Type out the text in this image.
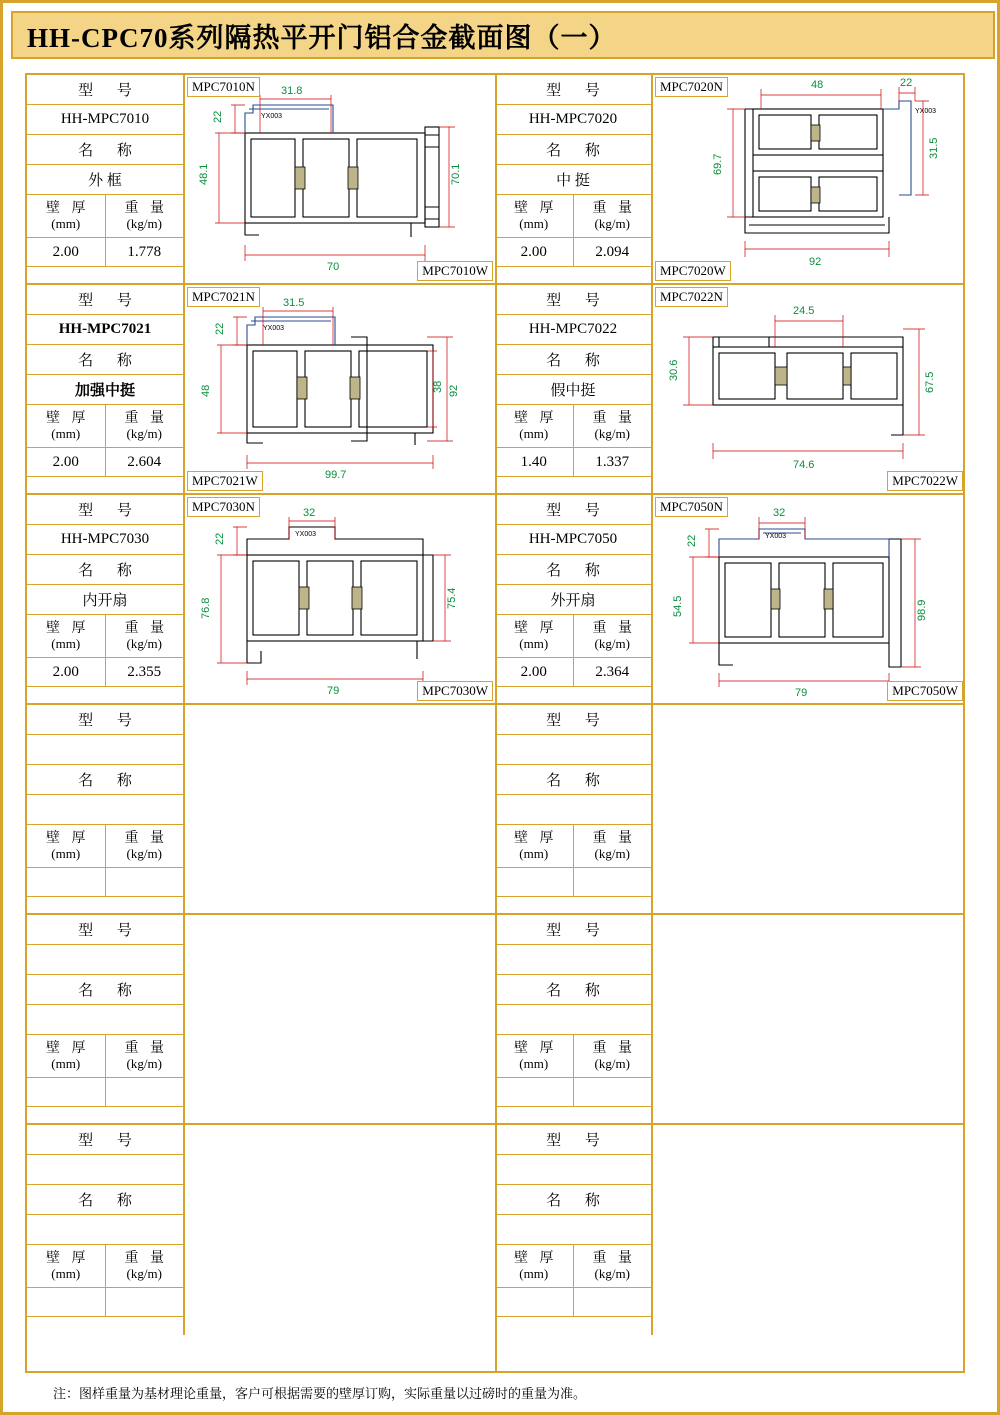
HH-CPC70系列隔热平开门铝合金截面图（一）
型 号
HH-MPC7010
名 称
外 框
壁 厚
(mm)
重 量
(kg/m)
2.00	1.778
MPC7010N
MPC7010W
31.8
22
48.1	70.1
70
YX003
型 号
HH-MPC7021
名 称
加强中挺
壁 厚
(mm)
重 量
(kg/m)
2.00	2.604
MPC7021N
MPC7021W
31.5
22
48	92
38
99.7
YX003
型 号
HH-MPC7030
名 称
内开扇
壁 厚
(mm)
重 量
(kg/m)
2.00	2.355
MPC7030N
MPC7030W
32
22
76.8	75.4
79
YX003
型 号
名 称
壁 厚
(mm)
重 量
(kg/m)
型 号
名 称
壁 厚
(mm)
重 量
(kg/m)
型 号
名 称
壁 厚
(mm)
重 量
(kg/m)
型 号
HH-MPC7020
名 称
中 挺
壁 厚
(mm)
重 量
(kg/m)
2.00	2.094
MPC7020N
MPC7020W
48	22
69.7
31.5
92
YX003
型 号
HH-MPC7022
名 称
假中挺
壁 厚
(mm)
重 量
(kg/m)
1.40	1.337
MPC7022N
MPC7022W
24.5
30.6
67.5
74.6
型 号
HH-MPC7050
名 称
外开扇
壁 厚
(mm)
重 量
(kg/m)
2.00	2.364
MPC7050N
MPC7050W
32
22
54.5	98.9
79
YX003
型 号
名 称
壁 厚
(mm)
重 量
(kg/m)
型 号
名 称
壁 厚
(mm)
重 量
(kg/m)
型 号
名 称
壁 厚
(mm)
重 量
(kg/m)
注：图样重量为基材理论重量，客户可根据需要的壁厚订购，实际重量以过磅时的重量为准。
